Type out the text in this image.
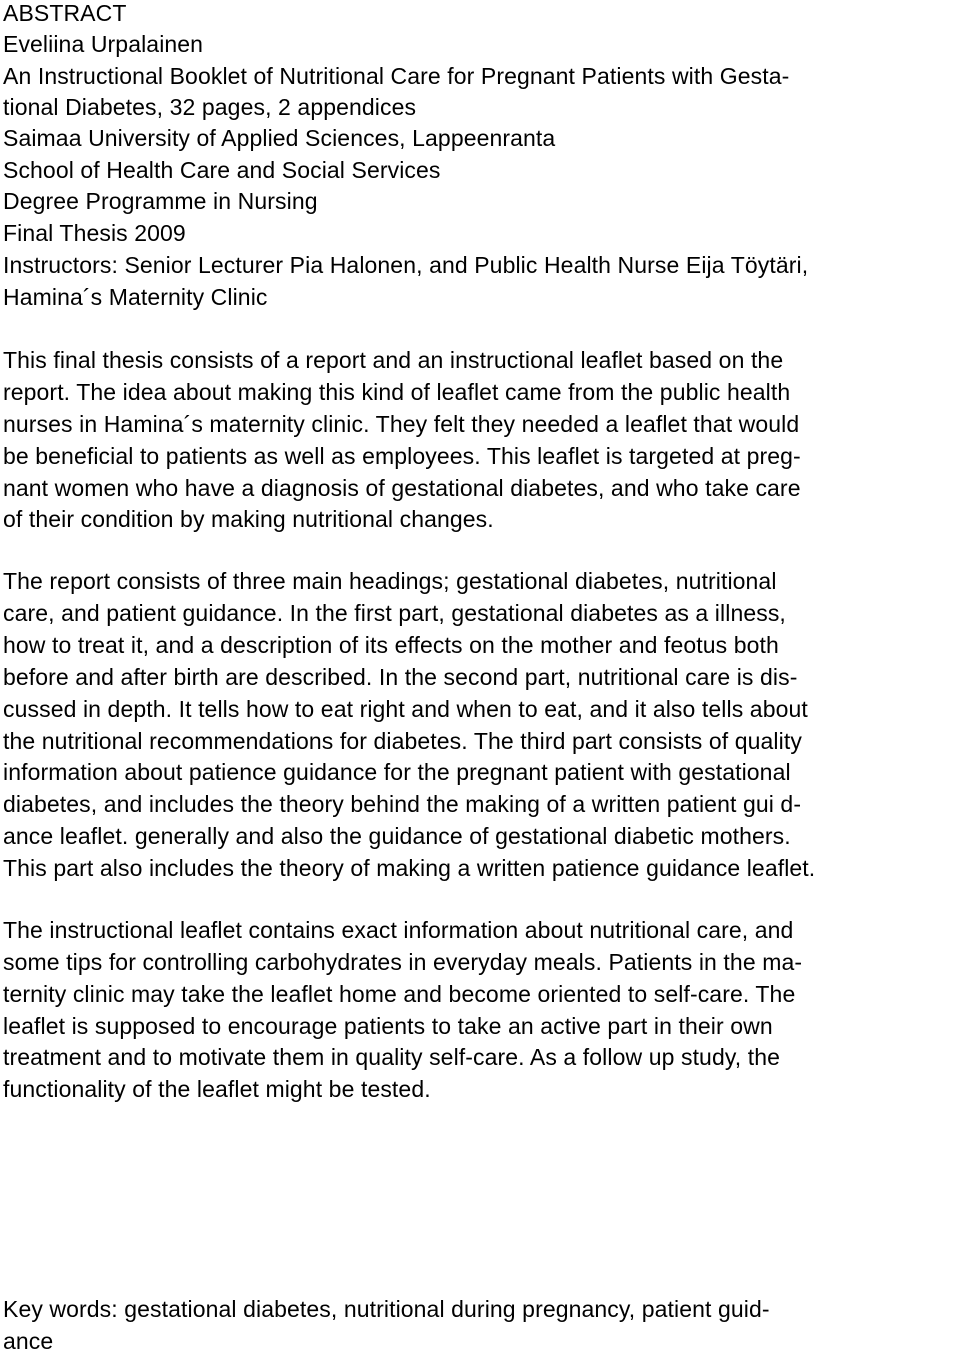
ABSTRACT

Eveliina Urpalainen

An Instructional Booklet of Nutritional Care for Pregnant Patients with Gesta-

tional Diabetes, 32 pages, 2 appendices

Saimaa University of Applied Sciences, Lappeenranta

School of Health Care and Social Services

Degree Programme in Nursing

Final Thesis 2009

Instructors: Senior Lecturer Pia Halonen, and Public Health Nurse Eija Töytäri,

Hamina´s Maternity Clinic

This final thesis consists of a report and an instructional leaflet based on the

report. The idea about making this kind of leaflet came from the public health

nurses in Hamina´s maternity clinic. They felt they needed a leaflet that would

be beneficial to patients as well as employees. This leaflet is targeted at preg-

nant women who have a diagnosis of gestational diabetes, and who take care

of their condition by making nutritional changes.

The report consists of three main headings; gestational diabetes, nutritional

care, and patient guidance. In the first part, gestational diabetes as a illness,

how to treat it, and a description of its effects on the mother and feotus both

before and after birth are described. In the second part, nutritional care is dis-

cussed in depth. It tells how to eat right and when to eat, and it also tells about

the nutritional recommendations for diabetes. The third part consists of quality

information about patience guidance for the pregnant patient with gestational

diabetes, and includes the theory behind the making of a written patient gui d-

ance leaflet. generally and also the guidance of gestational diabetic mothers.

This part also includes the theory of making a written patience guidance leaflet.

The instructional leaflet contains exact information about nutritional care, and

some tips for controlling carbohydrates in everyday meals. Patients in the ma-

ternity clinic may take the leaflet home and become oriented to self-care. The

leaflet is supposed to encourage patients to take an active part in their own

treatment and to motivate them in quality self-care. As a follow up study, the

functionality of the leaflet might be tested.

Key words: gestational diabetes, nutritional during pregnancy, patient guid-

ance
